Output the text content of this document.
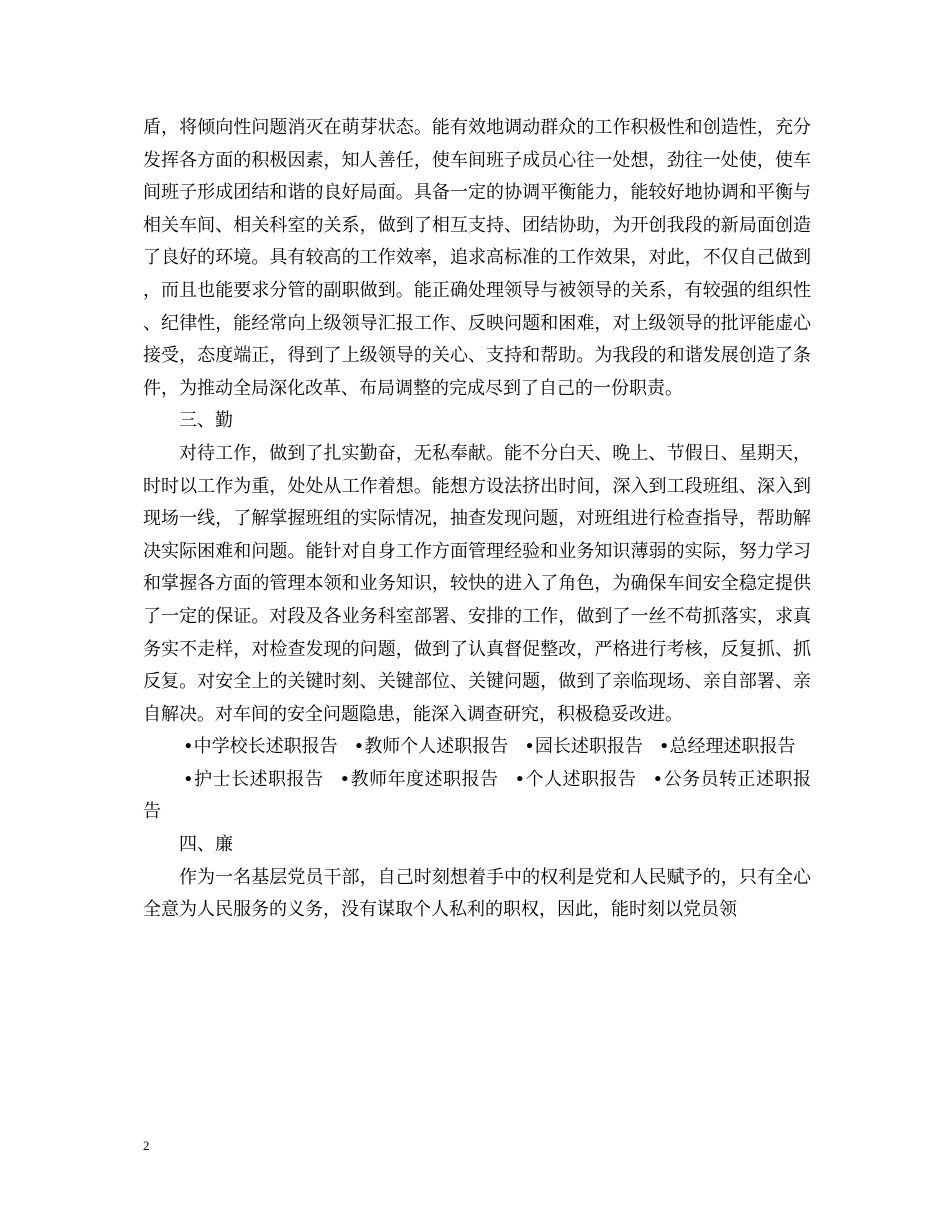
盾，将倾向性问题消灭在萌芽状态。能有效地调动群众的工作积极性和创造性，充分发挥各方面的积极因素，知人善任，使车间班子成员心往一处想，劲往一处使，使车间班子形成团结和谐的良好局面。具备一定的协调平衡能力，能较好地协调和平衡与相关车间、相关科室的关系，做到了相互支持、团结协助，为开创我段的新局面创造了良好的环境。具有较高的工作效率，追求高标准的工作效果，对此，不仅自己做到，而且也能要求分管的副职做到。能正确处理领导与被领导的关系，有较强的组织性、纪律性，能经常向上级领导汇报工作、反映问题和困难，对上级领导的批评能虚心接受，态度端正，得到了上级领导的关心、支持和帮助。为我段的和谐发展创造了条件，为推动全局深化改革、布局调整的完成尽到了自己的一份职责。

三、勤

对待工作，做到了扎实勤奋，无私奉献。能不分白天、晚上、节假日、星期天，时时以工作为重，处处从工作着想。能想方设法挤出时间，深入到工段班组、深入到现场一线，了解掌握班组的实际情况，抽查发现问题，对班组进行检查指导，帮助解决实际困难和问题。能针对自身工作方面管理经验和业务知识薄弱的实际，努力学习和掌握各方面的管理本领和业务知识，较快的进入了角色，为确保车间安全稳定提供了一定的保证。对段及各业务科室部署、安排的工作，做到了一丝不苟抓落实，求真务实不走样，对检查发现的问题，做到了认真督促整改，严格进行考核，反复抓、抓反复。对安全上的关键时刻、关键部位、关键问题，做到了亲临现场、亲自部署、亲自解决。对车间的安全问题隐患，能深入调查研究，积极稳妥改进。

•中学校长述职报告 •教师个人述职报告 •园长述职报告 •总经理述职报告

•护士长述职报告 •教师年度述职报告 •个人述职报告 •公务员转正述职报告

四、廉

作为一名基层党员干部，自己时刻想着手中的权利是党和人民赋予的，只有全心全意为人民服务的义务，没有谋取个人私利的职权，因此，能时刻以党员领

2
